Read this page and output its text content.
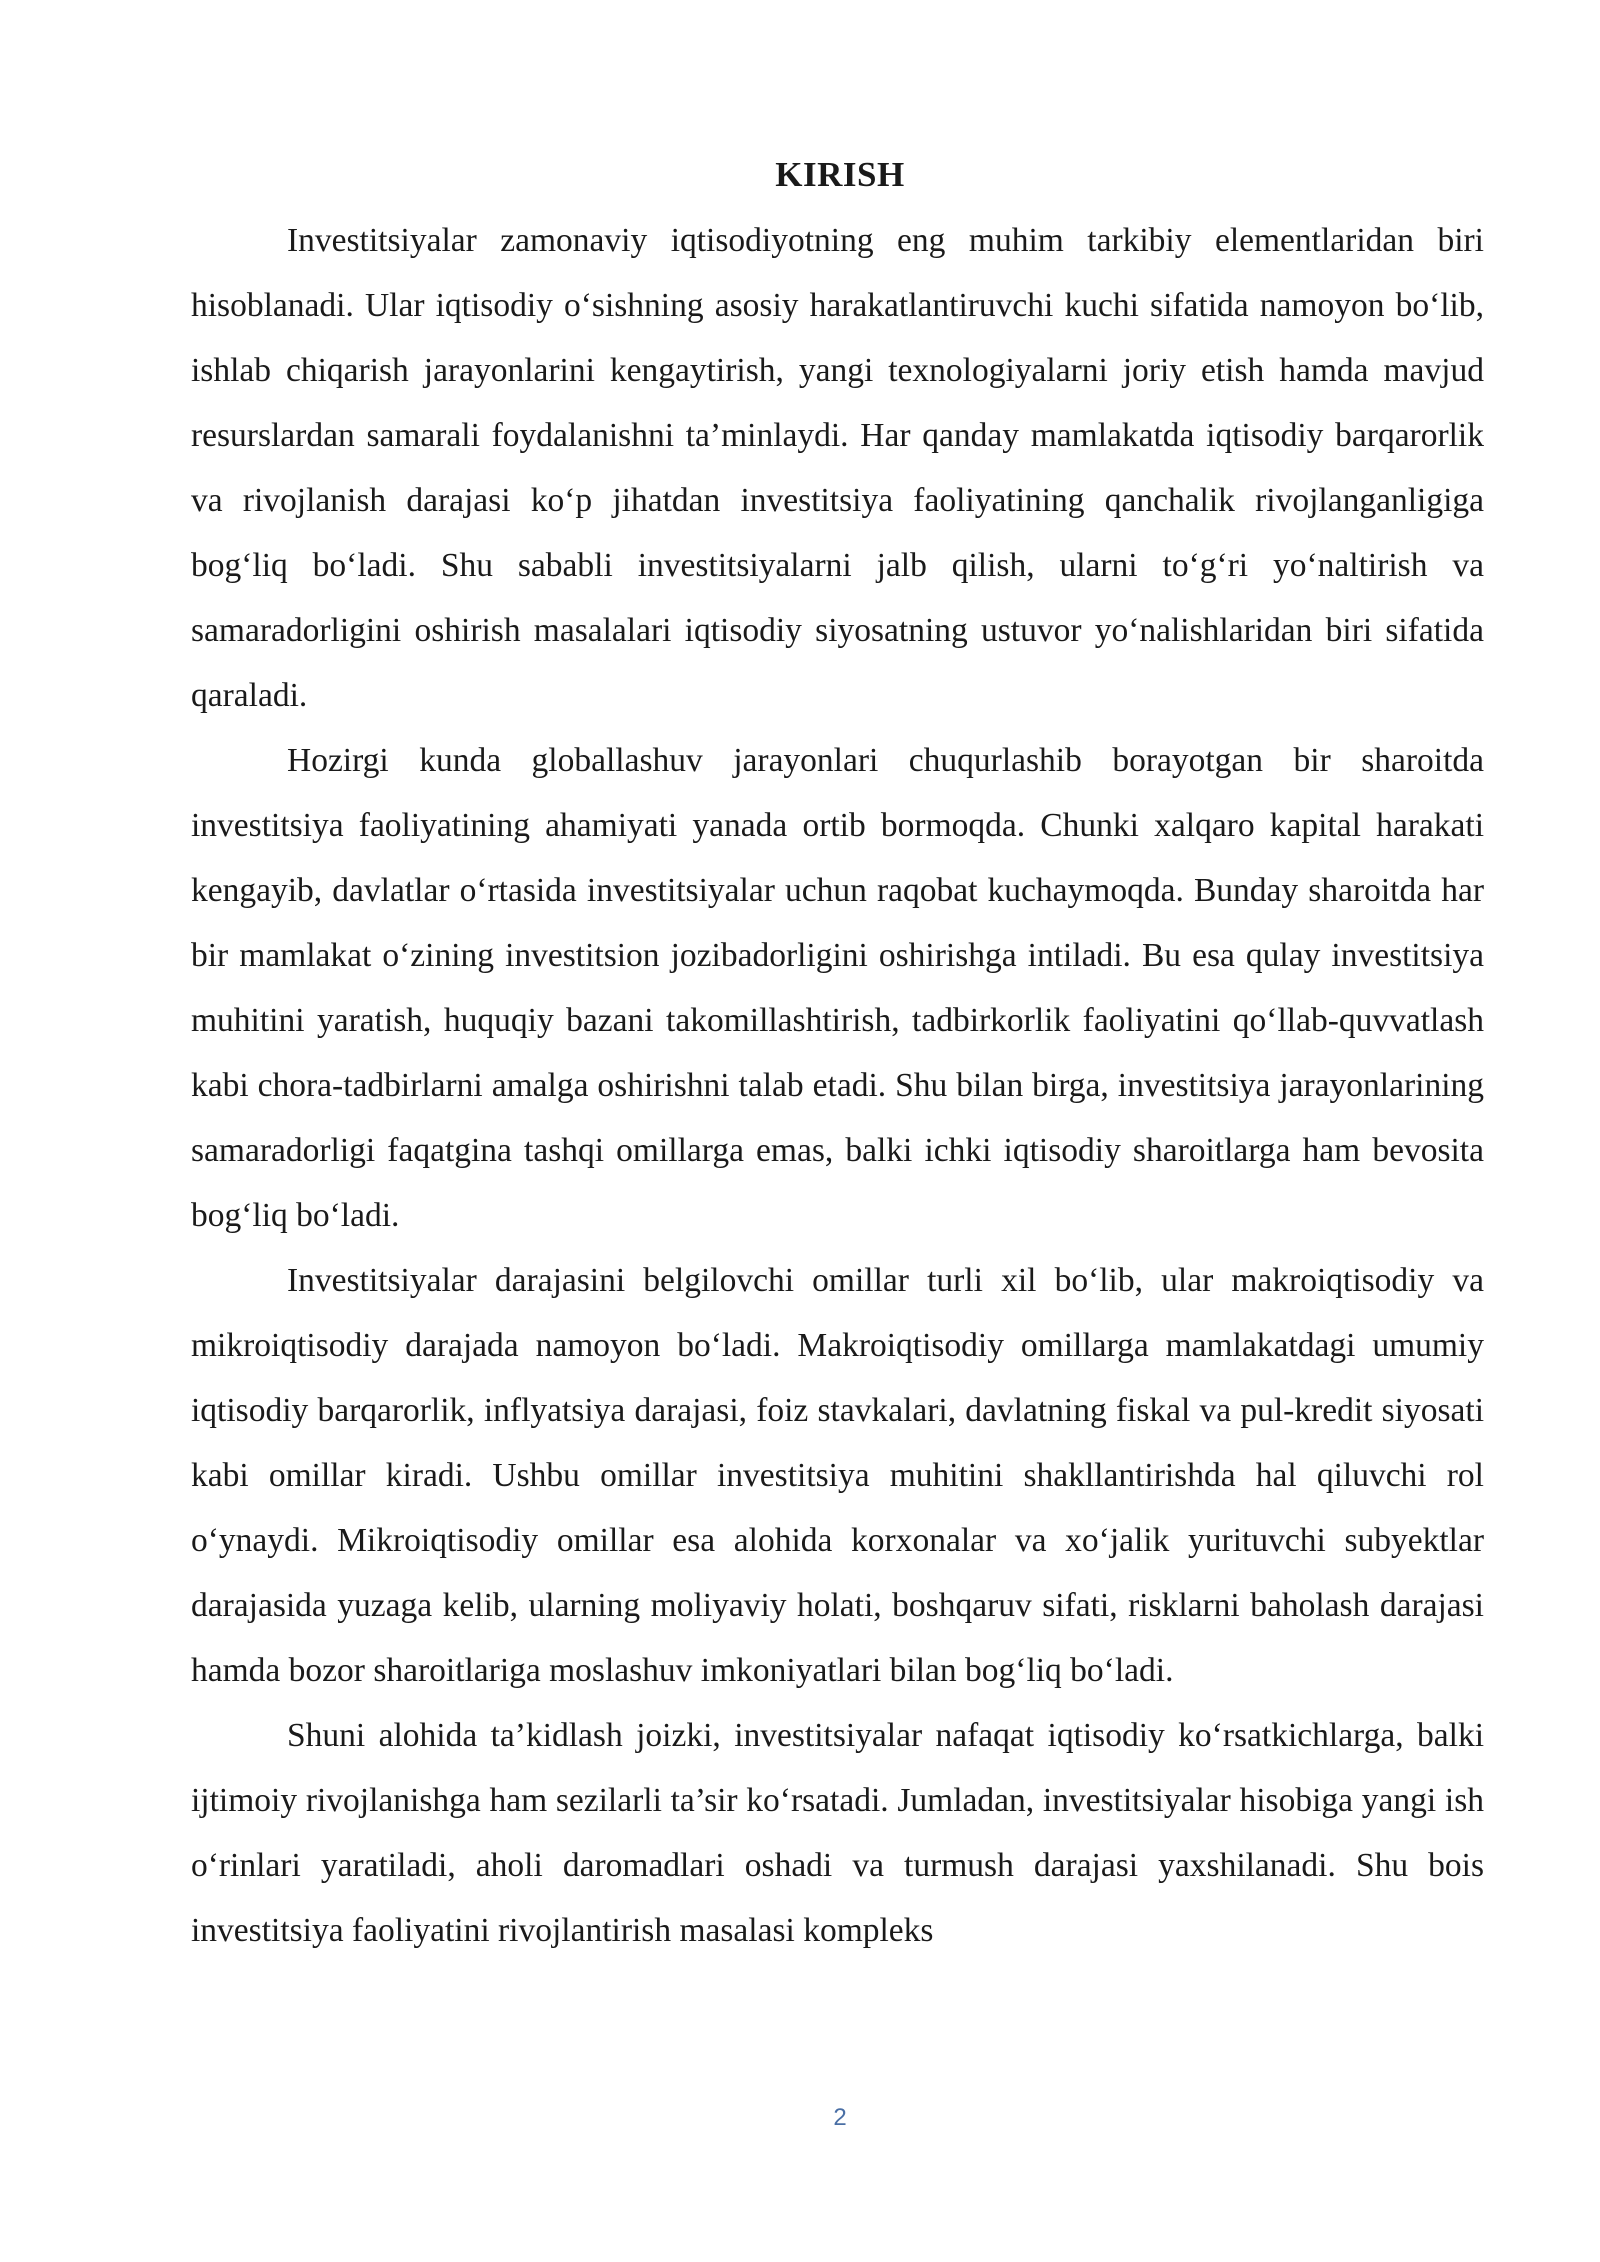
KIRISH

Investitsiyalar zamonaviy iqtisodiyotning eng muhim tarkibiy elementlaridan biri hisoblanadi. Ular iqtisodiy o‘sishning asosiy harakatlantiruvchi kuchi sifatida namoyon bo‘lib, ishlab chiqarish jarayonlarini kengaytirish, yangi texnologiyalarni joriy etish hamda mavjud resurslardan samarali foydalanishni ta’minlaydi. Har qanday mamlakatda iqtisodiy barqarorlik va rivojlanish darajasi ko‘p jihatdan investitsiya faoliyatining qanchalik rivojlanganligiga bog‘liq bo‘ladi. Shu sababli investitsiyalarni jalb qilish, ularni to‘g‘ri yo‘naltirish va samaradorligini oshirish masalalari iqtisodiy siyosatning ustuvor yo‘nalishlaridan biri sifatida qaraladi.

Hozirgi kunda globallashuv jarayonlari chuqurlashib borayotgan bir sharoitda investitsiya faoliyatining ahamiyati yanada ortib bormoqda. Chunki xalqaro kapital harakati kengayib, davlatlar o‘rtasida investitsiyalar uchun raqobat kuchaymoqda. Bunday sharoitda har bir mamlakat o‘zining investitsion jozibadorligini oshirishga intiladi. Bu esa qulay investitsiya muhitini yaratish, huquqiy bazani takomillashtirish, tadbirkorlik faoliyatini qo‘llab-quvvatlash kabi chora-tadbirlarni amalga oshirishni talab etadi. Shu bilan birga, investitsiya jarayonlarining samaradorligi faqatgina tashqi omillarga emas, balki ichki iqtisodiy sharoitlarga ham bevosita bog‘liq bo‘ladi.

Investitsiyalar darajasini belgilovchi omillar turli xil bo‘lib, ular makroiqtisodiy va mikroiqtisodiy darajada namoyon bo‘ladi. Makroiqtisodiy omillarga mamlakatdagi umumiy iqtisodiy barqarorlik, inflyatsiya darajasi, foiz stavkalari, davlatning fiskal va pul-kredit siyosati kabi omillar kiradi. Ushbu omillar investitsiya muhitini shakllantirishda hal qiluvchi rol o‘ynaydi. Mikroiqtisodiy omillar esa alohida korxonalar va xo‘jalik yurituvchi subyektlar darajasida yuzaga kelib, ularning moliyaviy holati, boshqaruv sifati, risklarni baholash darajasi hamda bozor sharoitlariga moslashuv imkoniyatlari bilan bog‘liq bo‘ladi.

Shuni alohida ta’kidlash joizki, investitsiyalar nafaqat iqtisodiy ko‘rsatkichlarga, balki ijtimoiy rivojlanishga ham sezilarli ta’sir ko‘rsatadi. Jumladan, investitsiyalar hisobiga yangi ish o‘rinlari yaratiladi, aholi daromadlari oshadi va turmush darajasi yaxshilanadi. Shu bois investitsiya faoliyatini rivojlantirish masalasi kompleks

2
